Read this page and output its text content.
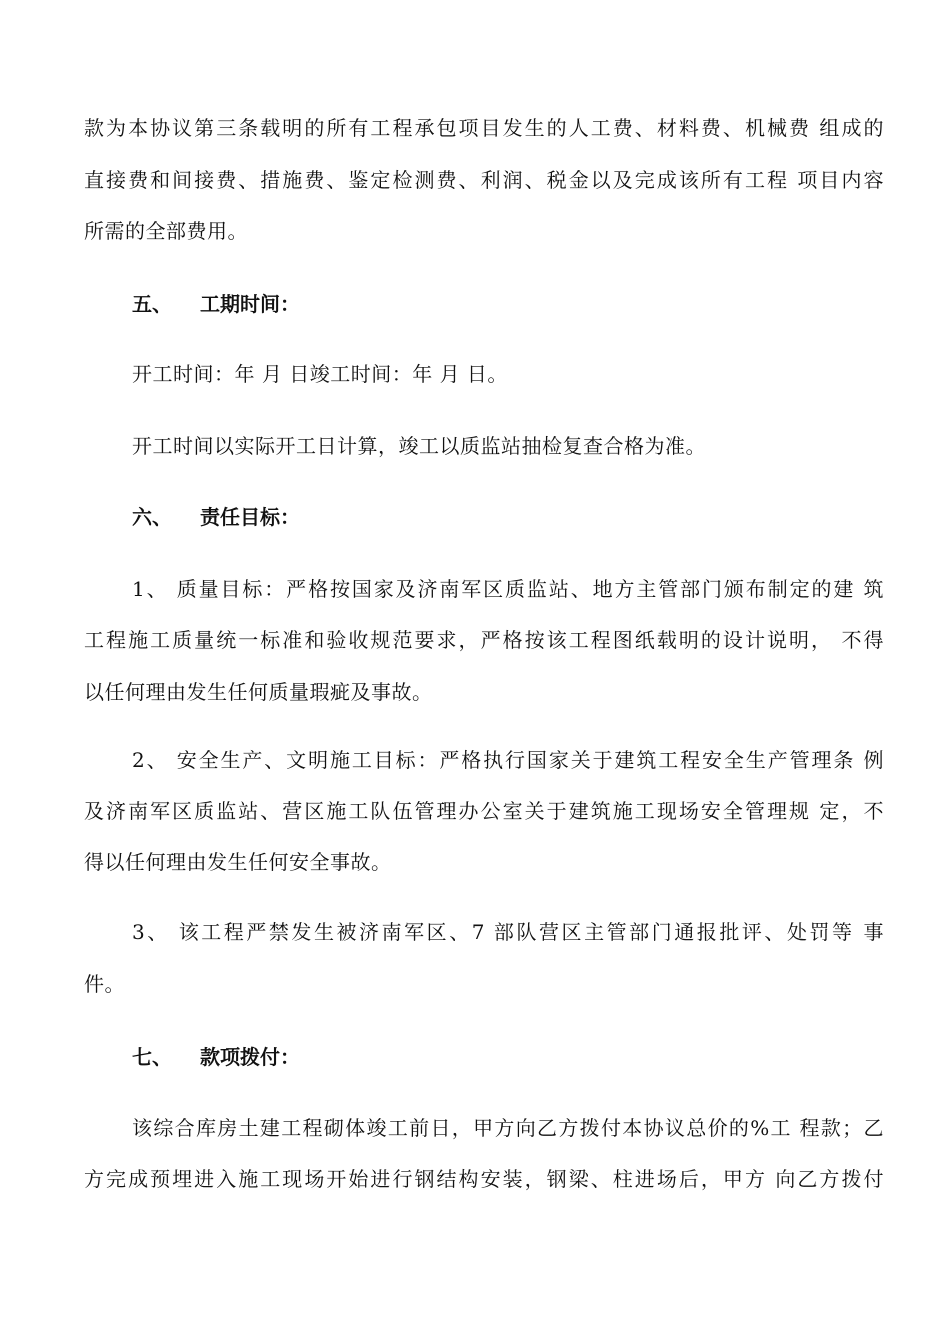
款为本协议第三条载明的所有工程承包项目发生的人工费、材料费、机械费 组成的
直接费和间接费、措施费、鉴定检测费、利润、税金以及完成该所有工程 项目内容
所需的全部费用。
五、 工期时间：
开工时间：年 月 日竣工时间：年 月 日。
开工时间以实际开工日计算，竣工以质监站抽检复查合格为准。
六、 责任目标：
1、 质量目标：严格按国家及济南军区质监站、地方主管部门颁布制定的建 筑
工程施工质量统一标准和验收规范要求，严格按该工程图纸载明的设计说明， 不得
以任何理由发生任何质量瑕疵及事故。
2、 安全生产、文明施工目标：严格执行国家关于建筑工程安全生产管理条 例
及济南军区质监站、营区施工队伍管理办公室关于建筑施工现场安全管理规 定，不
得以任何理由发生任何安全事故。
3、 该工程严禁发生被济南军区、7 部队营区主管部门通报批评、处罚等 事
件。
七、 款项拨付：
该综合库房土建工程砌体竣工前日，甲方向乙方拨付本协议总价的%工 程款；乙
方完成预埋进入施工现场开始进行钢结构安装，钢梁、柱进场后，甲方 向乙方拨付
